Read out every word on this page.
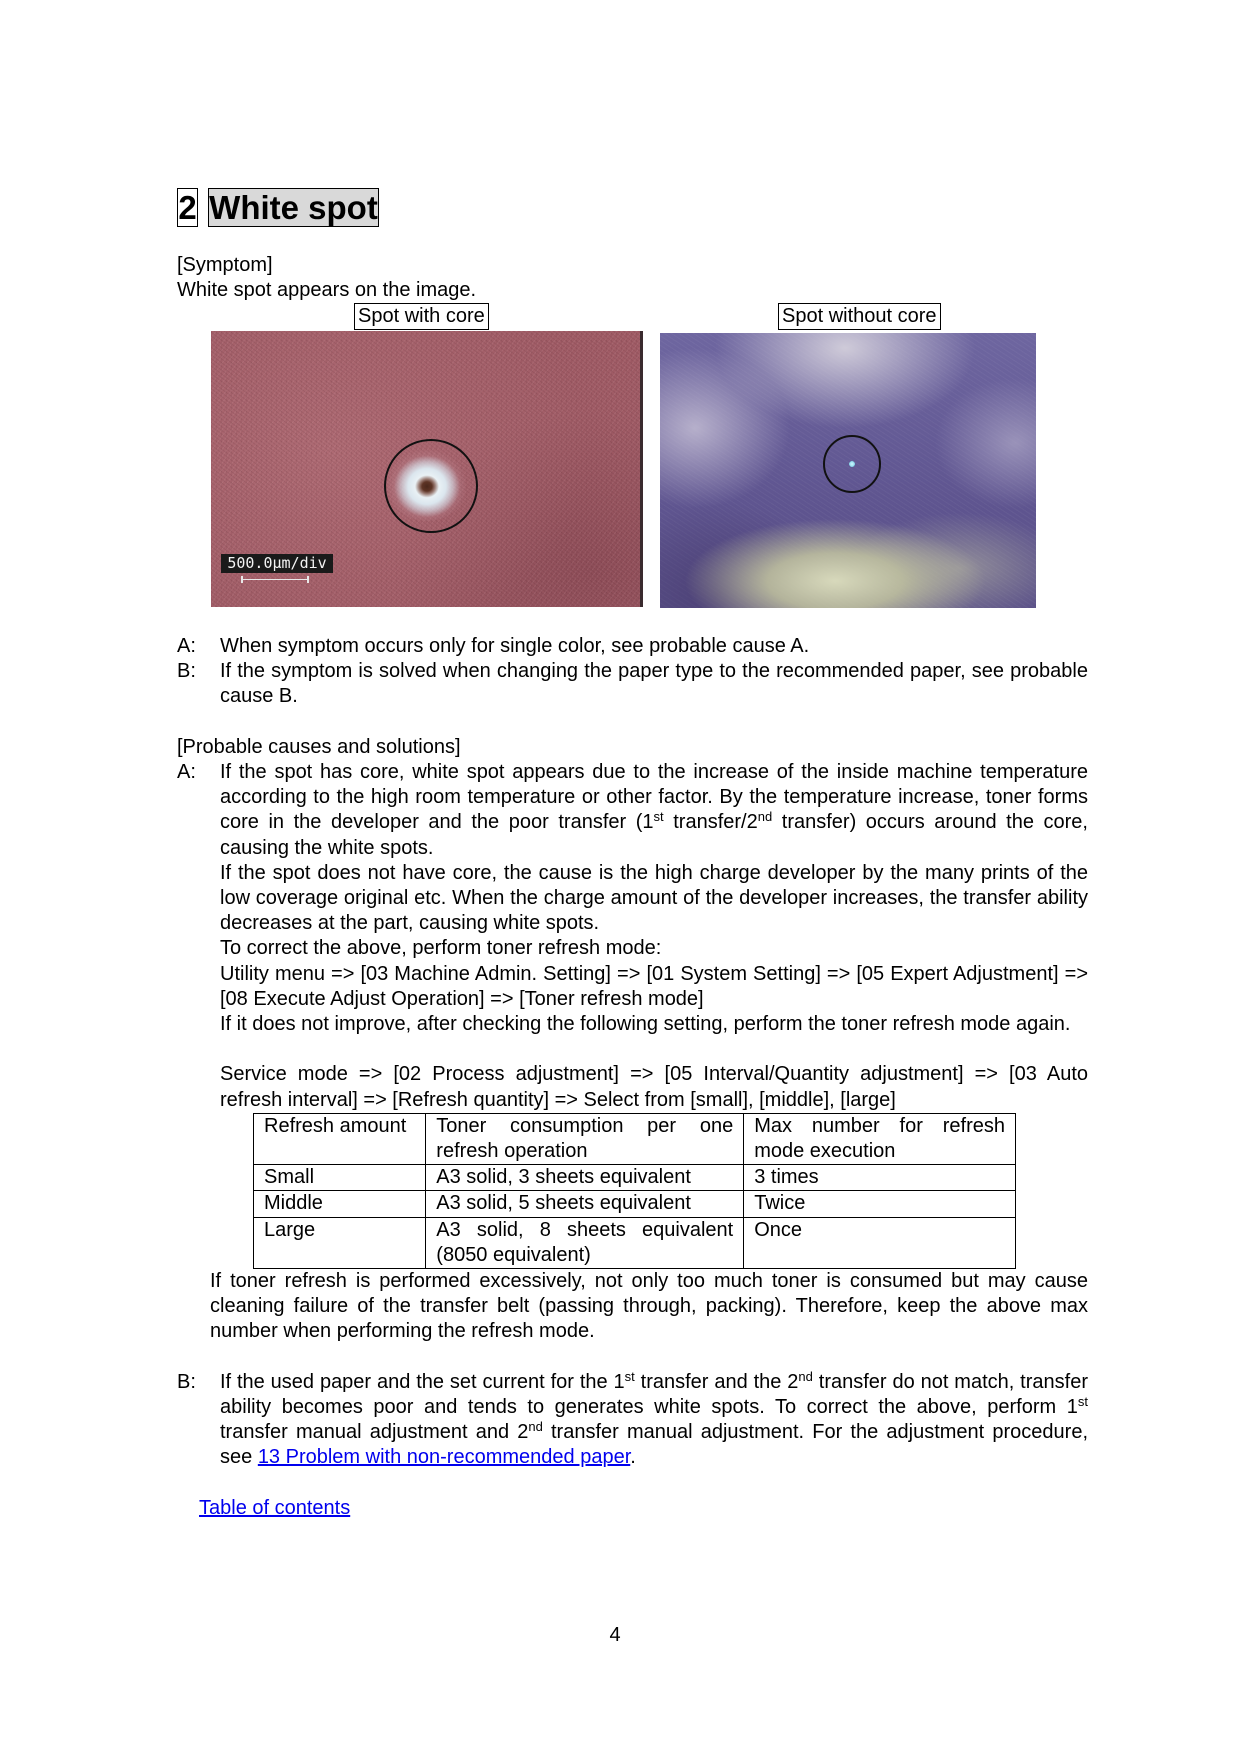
2 White spot

[Symptom]

White spot appears on the image.

Spot with core	Spot without core
500.0µm/div
A:	When symptom occurs only for single color, see probable cause A.

B:	If the symptom is solved when changing the paper type to the recommended paper, see probable cause B.

[Probable causes and solutions]

A:	If the spot has core, white spot appears due to the increase of the inside machine temperature according to the high room temperature or other factor. By the temperature increase, toner forms core in the developer and the poor transfer (1st transfer/2nd transfer) occurs around the core, causing the white spots.

If the spot does not have core, the cause is the high charge developer by the many prints of the low coverage original etc. When the charge amount of the developer increases, the transfer ability decreases at the part, causing white spots.

To correct the above, perform toner refresh mode:

Utility menu => [03 Machine Admin. Setting] => [01 System Setting] => [05 Expert Adjustment] => [08 Execute Adjust Operation] => [Toner refresh mode]

If it does not improve, after checking the following setting, perform the toner refresh mode again.

Service mode => [02 Process adjustment] => [05 Interval/Quantity adjustment] => [03 Auto refresh interval] => [Refresh quantity] => Select from [small], [middle], [large]

Refresh amount	Toner consumption per one refresh operation	Max number for refresh mode execution
Small	A3 solid, 3 sheets equivalent	3 times
Middle	A3 solid, 5 sheets equivalent	Twice
Large	A3 solid, 8 sheets equivalent (8050 equivalent)	Once

If toner refresh is performed excessively, not only too much toner is consumed but may cause cleaning failure of the transfer belt (passing through, packing). Therefore, keep the above max number when performing the refresh mode.

B:	If the used paper and the set current for the 1st transfer and the 2nd transfer do not match, transfer ability becomes poor and tends to generates white spots. To correct the above, perform 1st transfer manual adjustment and 2nd transfer manual adjustment. For the adjustment procedure, see 13 Problem with non-recommended paper.

Table of contents
4
